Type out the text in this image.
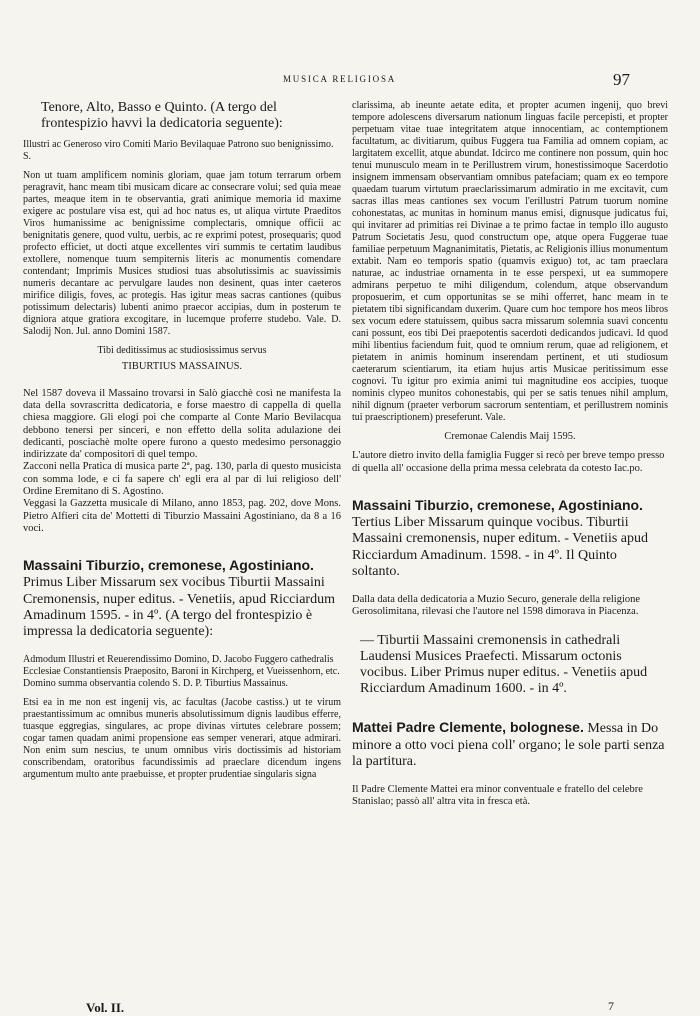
MUSICA RELIGIOSA	97

Tenore, Alto, Basso e Quinto. (A tergo del frontespizio havvi la dedicatoria seguente):

Illustri ac Generoso viro Comiti Mario Bevilaquae Patrono suo benignissimo. S.

Non ut tuam amplificem nominis gloriam, quae jam totum terrarum orbem peragravit, hanc meam tibi musicam dicare ac consecrare volui; sed quia meae partes, meaque item in te observantia, grati animique memoria id maxime exigere ac postulare visa est, qui ad hoc natus es, ut aliqua virtute Praeditos Viros humanissime ac benignissime complectaris, omnique officii ac benignitatis genere, quod vultu, uerbis, ac re exprimi potest, prosequaris; quod profecto efficiet, ut docti atque excellentes viri summis te certatim laudibus extollere, nomenque tuum sempiternis literis ac monumentis comendare contendant; Imprimis Musices studiosi tuas absolutissimis ac suavissimis numeris decantare ac pervulgare laudes non desinent, quas inter caeteros mirifice diligis, foves, ac protegis. Has igitur meas sacras cantiones (quibus potissimum delectaris) lubenti animo praecor accipias, dum in posterum te digniora atque gratiora excogitare, in lucemque proferre studebo. Vale. D. Salodij Non. Jul. anno Domini 1587.

Tibi deditissimus ac studiosissimus servus

TIBURTIUS MASSAINUS.

Nel 1587 doveva il Massaino trovarsi in Salò giacchè così ne manifesta la data della sovrascritta dedicatoria, e forse maestro di cappella di quella chiesa maggiore. Gli elogi poi che comparte al Conte Mario Bevilacqua debbono tenersi per sinceri, e non effetto della solita adulazione dei dedicanti, posciachè molte opere furono a questo medesimo personaggio indirizzate da' compositori di quel tempo.

Zacconi nella Pratica di musica parte 2ª, pag. 130, parla di questo musicista con somma lode, e ci fa sapere ch' egli era al par di lui religioso dell' Ordine Eremitano di S. Agostino.

Veggasi la Gazzetta musicale di Milano, anno 1853, pag. 202, dove Mons. Pietro Alfieri cita de' Mottetti di Tiburzio Massaini Agostiniano, da 8 a 16 voci.

Massaini Tiburzio, cremonese, Agostiniano. Primus Liber Missarum sex vocibus Tiburtii Massaini Cremonensis, nuper editus. - Venetiis, apud Ricciardum Amadinum 1595. - in 4º. (A tergo del frontespizio è impressa la dedicatoria seguente):

Admodum Illustri et Reuerendissimo Domino, D. Jacobo Fuggero cathedralis Ecclesiae Constantiensis Praeposito, Baroni in Kirchperg, et Vueissenhorn, etc. Domino summa observantia colendo S. D. P. Tiburtius Massainus.

Etsi ea in me non est ingenij vis, ac facultas (Jacobe castiss.) ut te virum praestantissimum ac omnibus muneris absolutissimum dignis laudibus efferre, tuasque eggregias, singulares, ac prope divinas virtutes celebrare possem; cogar tamen quadam animi propensione eas semper venerari, atque admirari. Non enim sum nescius, te unum omnibus viris doctissimis ad historiam conscribendam, oratoribus facundissimis ad praeclare dicendum ingens argumentum multo ante praebuisse, et propter prudentiae singularis signa

clarissima, ab ineunte aetate edita, et propter acumen ingenij, quo brevi tempore adolescens diversarum nationum linguas facile percepisti, et propter perpetuam vitae tuae integritatem atque innocentiam, ac contemptionem facultatum, ac divitiarum, quibus Fuggera tua Familia ad omnem copiam, ac largitatem excellit, atque abundat. Idcirco me continere non possum, quin hoc tenui munusculo meam in te Perillustrem virum, honestissimoque Sacerdotio insignem immensam observantiam omnibus patefaciam; quam ex eo tempore quaedam tuarum virtutum praeclarissimarum admiratio in me excitavit, cum sacras illas meas cantiones sex vocum l'erillustri Patrum tuorum nomine cohonestatas, ac munitas in hominum manus emisi, dignusque judicatus fui, qui invitarer ad primitias rei Divinae a te primo factae in templo illo augusto Patrum Societatis Jesu, quod constructum ope, atque opera Fuggerae tuae familiae perpetuum Magnanimitatis, Pietatis, ac Religionis illius monumentum extabit. Nam eo temporis spatio (quamvis exiguo) tot, ac tam praeclara naturae, ac industriae ornamenta in te esse perspexi, ut ea summopere admirans perpetuo te mihi diligendum, colendum, atque observandum proposuerim, et cum opportunitas se se mihi offerret, hanc meam in te pietatem tibi significandam duxerim. Quare cum hoc tempore hos meos libros sex vocum edere statuissem, quibus sacra missarum solemnia suavi concentu cani possunt, eos tibi Dei praepotentis sacerdoti dedicandos judicavi. Id quod mihi libentius faciendum fuit, quod te omnium rerum, quae ad religionem, et pietatem in animis hominum inserendam pertinent, et uti studiosum caeterarum scientiarum, ita etiam hujus artis Musicae peritissimum esse cognovi. Tu igitur pro eximia animi tui magnitudine eos accipies, tuoque nominis clypeo munitos cohonestabis, qui per se satis tenues nihil amplum, nihil dignum (praeter verborum sacrorum sententiam, et perillustrem nominis tui praescriptionem) preseferunt. Vale.

Cremonae Calendis Maij 1595.

L'autore dietro invito della famiglia Fugger si recò per breve tempo presso di quella all' occasione della prima messa celebrata da cotesto Iac.po.

Massaini Tiburzio, cremonese, Agostiniano. Tertius Liber Missarum quinque vocibus. Tiburtii Massaini cremonensis, nuper editum. - Venetiis apud Ricciardum Amadinum. 1598. - in 4º. Il Quinto soltanto.

Dalla data della dedicatoria a Muzio Securo, generale della religione Gerosolimitana, rilevasi che l'autore nel 1598 dimorava in Piacenza.

— Tiburtii Massaini cremonensis in cathedrali Laudensi Musices Praefecti. Missarum octonis vocibus. Liber Primus nuper editus. - Venetiis apud Ricciardum Amadinum 1600. - in 4º.

Mattei Padre Clemente, bolognese. Messa in Do minore a otto voci piena coll' organo; le sole parti senza la partitura.

Il Padre Clemente Mattei era minor conventuale e fratello del celebre Stanislao; passò all' altra vita in fresca età.

Vol. II.	7
